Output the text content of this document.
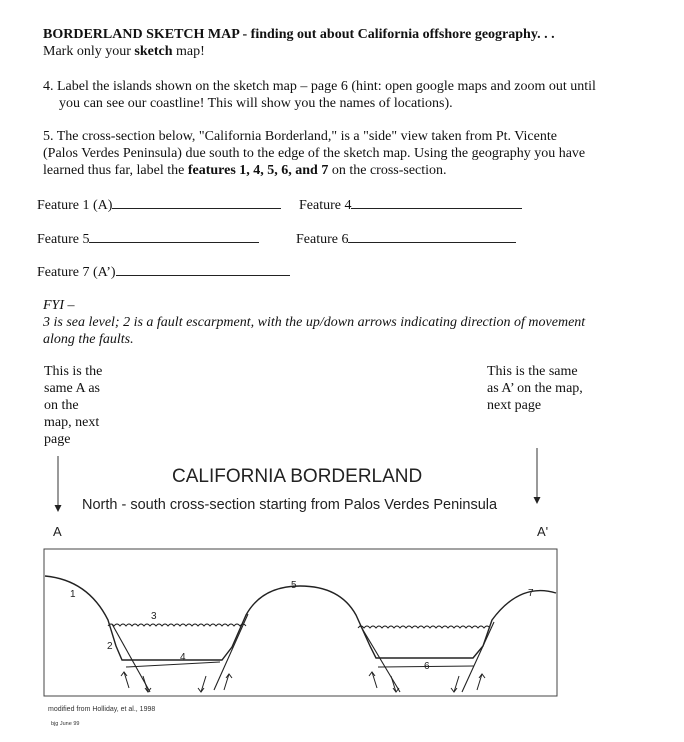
BORDERLAND SKETCH MAP - finding out about California offshore geography. . .
Mark only your sketch map!
4. Label the islands shown on the sketch map – page 6 (hint: open google maps and zoom out until
you can see our coastline! This will show you the names of locations).
5. The cross-section below, "California Borderland," is a "side" view taken from Pt. Vicente
(Palos Verdes Peninsula) due south to the edge of the sketch map. Using the geography you have
learned thus far, label the features 1, 4, 5, 6, and 7 on the cross-section.
Feature 1 (A)	Feature 4
Feature 5	Feature 6
Feature 7 (A’)
FYI –
3 is sea level; 2 is a fault escarpment, with the up/down arrows indicating direction of movement
along the faults.
This is the
same A as
on the
map, next
page
This is the same
as A’ on the map,
next page
CALIFORNIA BORDERLAND
North - south cross-section starting from Palos Verdes Peninsula
A	A'
1
2
3
4
5
6
7
modified from Holliday, et al., 1998
bjg June 99
